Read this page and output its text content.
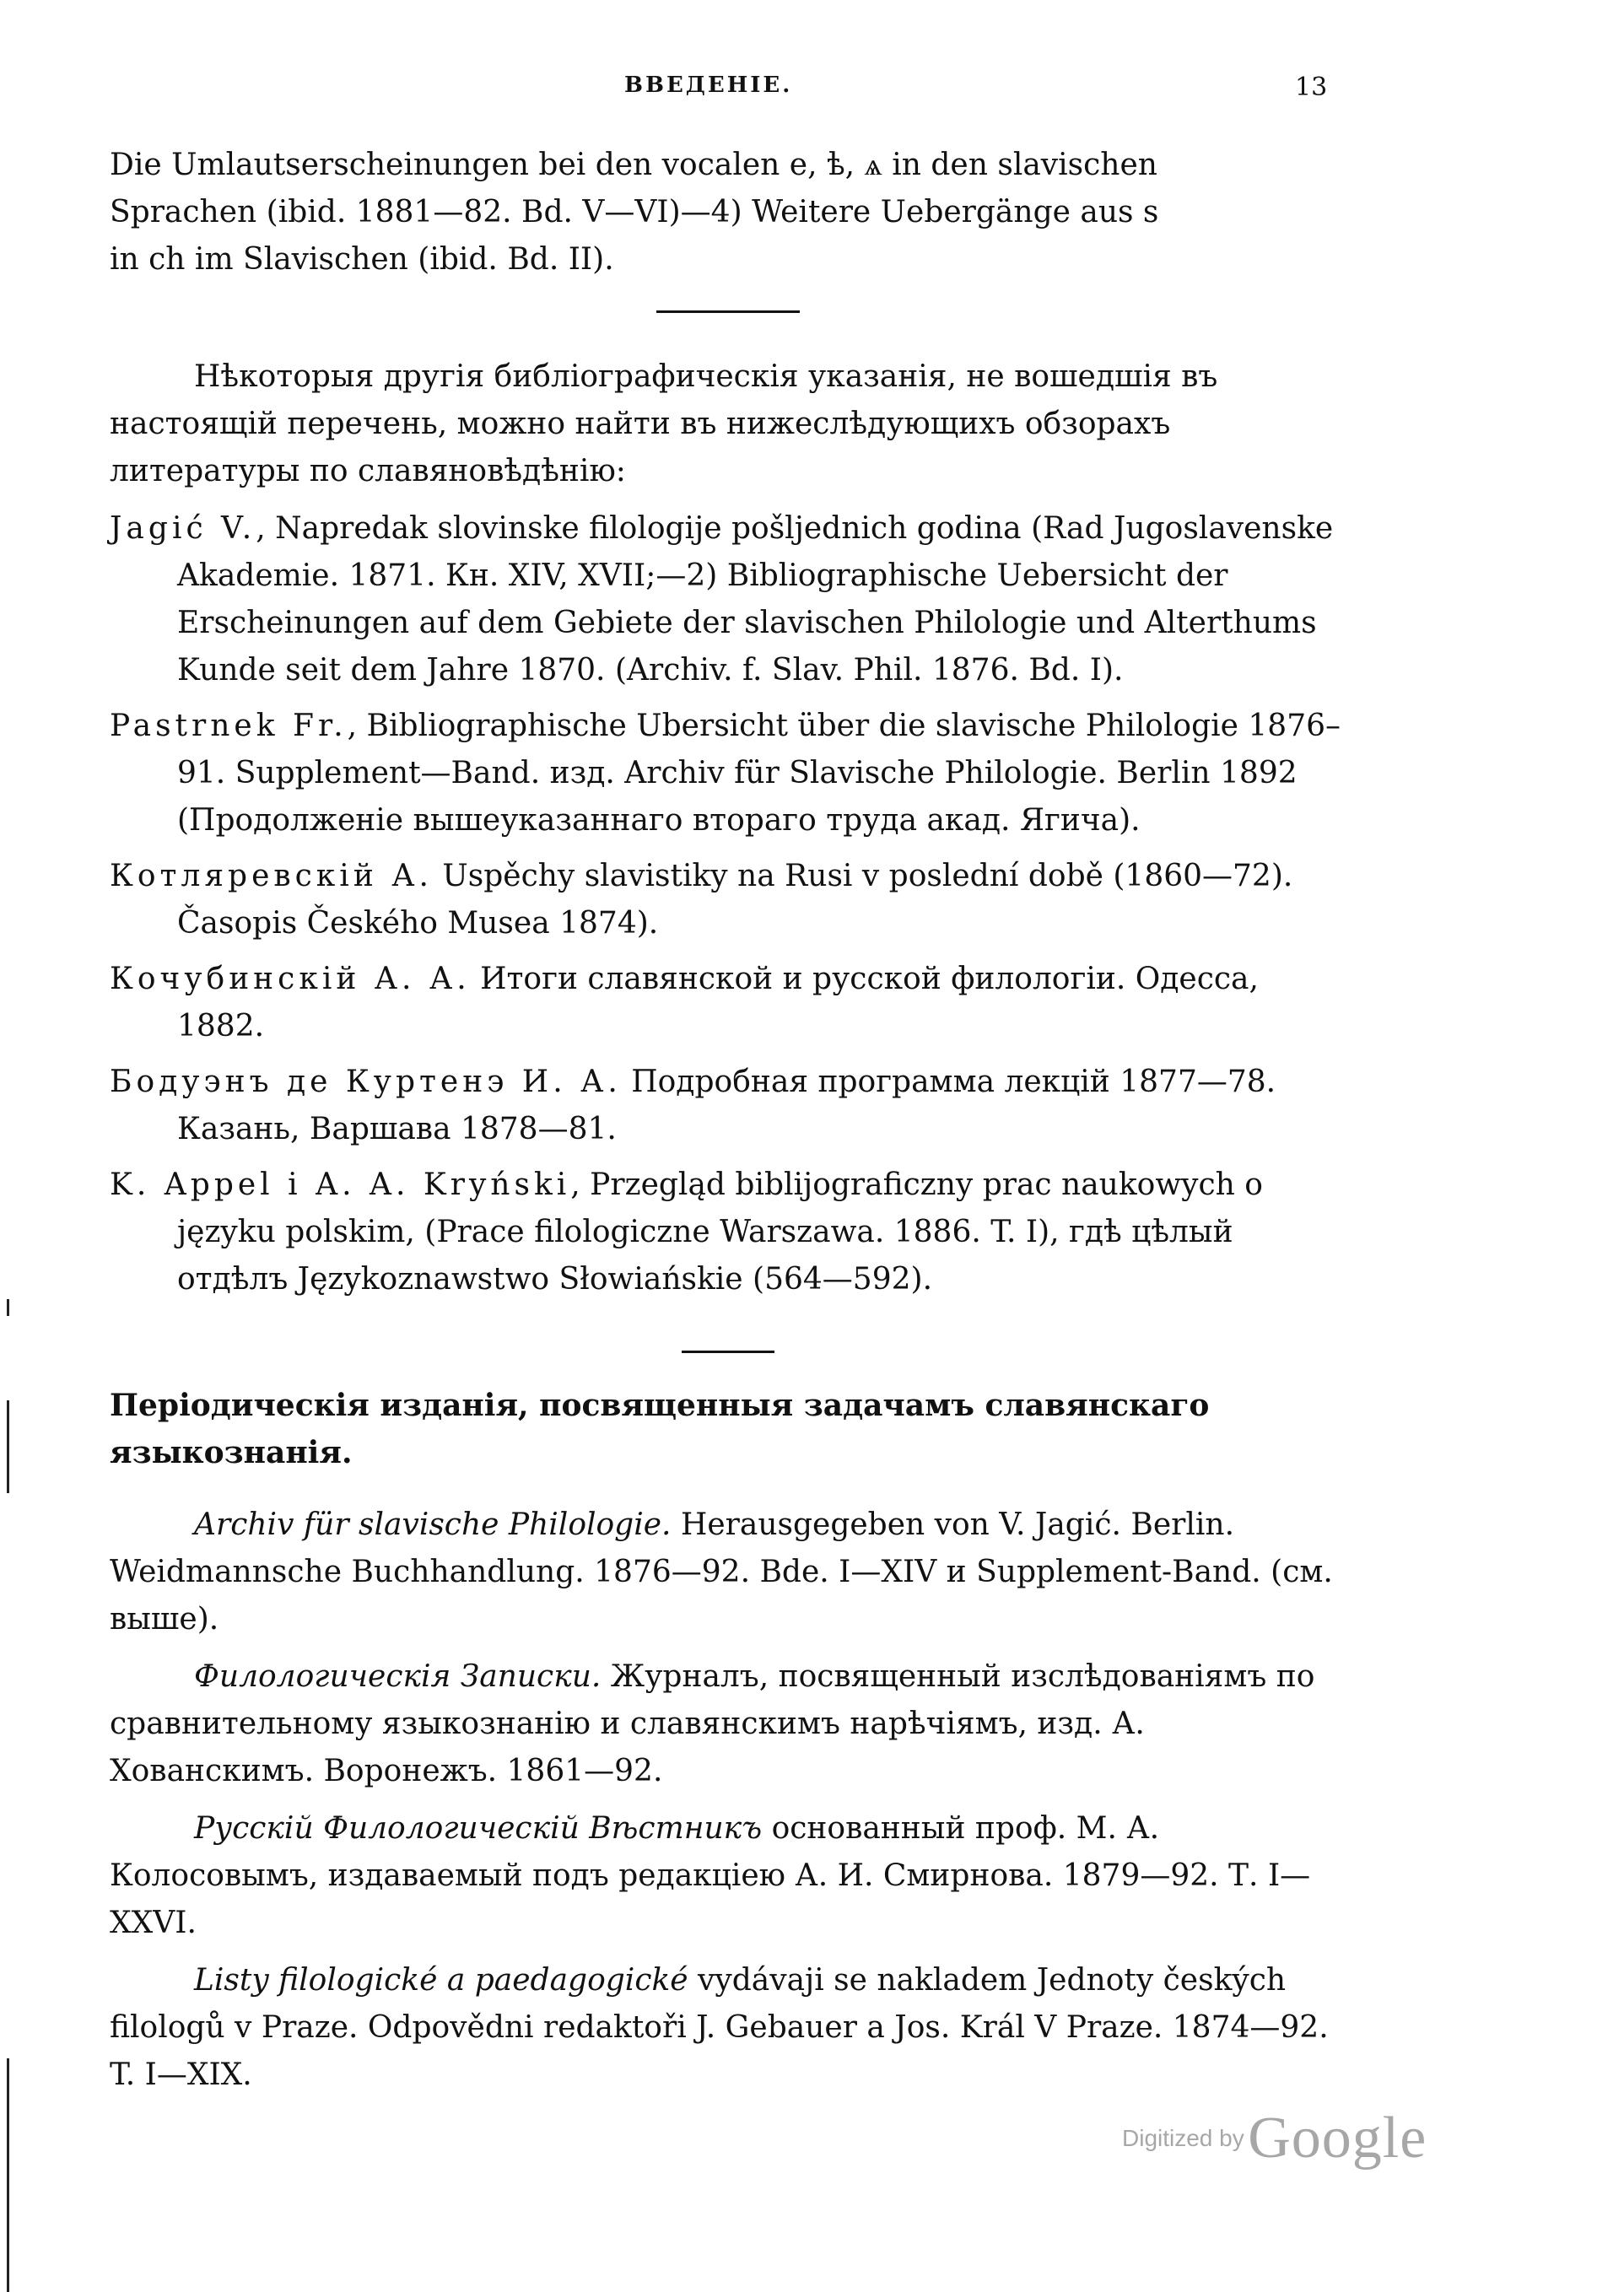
ВВЕДЕНІЕ.	13
Die Umlautserscheinungen bei den vocalen e, ѣ, ѧ in den slavischen
Sprachen (ibid. 1881—82. Bd. V—VI)—4) Weitere Uebergänge aus s
in ch im Slavischen (ibid. Bd. II).

Нѣкоторыя другія библіографическія указанія, не вошедшія въ настоящій перечень, можно найти въ нижеслѣдующихъ обзорахъ литературы по славяновѣдѣнію:

Jagić V., Napredak slovinske filologije pošljednich godina (Rad Jugoslavenske Akademie. 1871. Кн. XIV, XVII;—2) Bibliographische Uebersicht der Erscheinungen auf dem Gebiete der slavischen Philologie und Alterthums Kunde seit dem Jahre 1870. (Archiv. f. Slav. Phil. 1876. Bd. I).

Pastrnek Fr., Bibliographische Ubersicht über die slavische Philologie 1876–91. Supplement—Band. изд. Archiv für Slavische Philologie. Berlin 1892 (Продолженіе вышеуказаннаго втораго труда акад. Ягича).

Котляревскій А. Uspěchy slavistiky na Rusi v poslední době (1860—72). Časopis Českého Musea 1874).

Кочубинскій А. А. Итоги славянской и русской филологіи. Одесса, 1882.

Бодуэнъ де Куртенэ И. А. Подробная программа лекцій 1877—78. Казань, Варшава 1878—81.

K. Appel i A. A. Kryński, Przegląd biblijograficzny prac naukowych o języku polskim, (Prace filologiczne Warszawa. 1886. T. I), гдѣ цѣлый отдѣлъ Językoznawstwo Słowiańskie (564—592).

Періодическія изданія, посвященныя задачамъ славянскаго языкознанія.

Archiv für slavische Philologie. Herausgegeben von V. Jagić. Berlin. Weidmannsche Buchhandlung. 1876—92. Bde. I—XIV и Supplement-Band. (см. выше).

Филологическія Записки. Журналъ, посвященный изслѣдованіямъ по сравнительному языкознанію и славянскимъ нарѣчіямъ, изд. А. Хованскимъ. Воронежъ. 1861—92.

Русскій Филологическій Вѣстникъ основанный проф. М. А. Колосовымъ, издаваемый подъ редакціею А. И. Смирнова. 1879—92. Т. I—XXVI.

Listy filologické a paedagogické vydávaji se nakladem Jednoty českých filologů v Praze. Odpovědni redaktoři J. Gebauer a Jos. Král V Praze. 1874—92. T. I—XIX.

Digitized by Google
